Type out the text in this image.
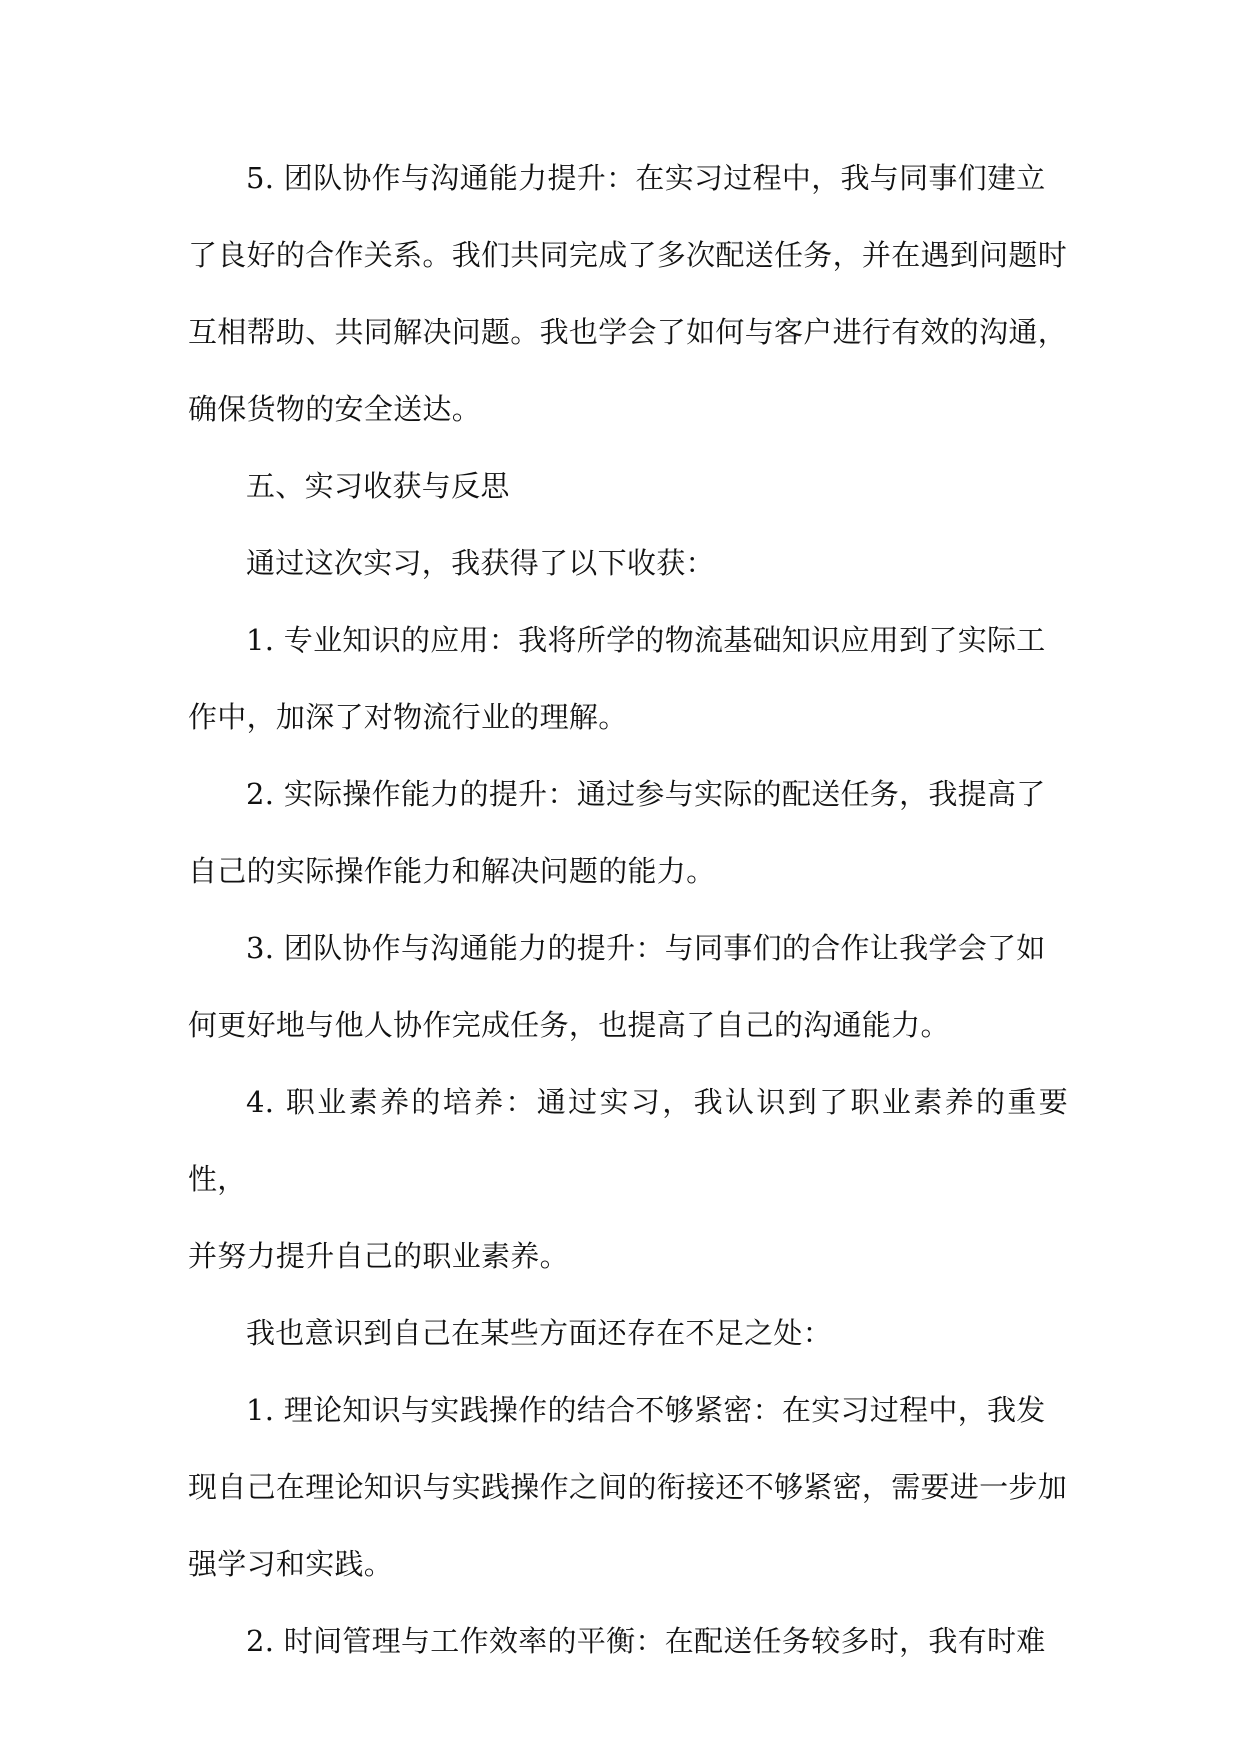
5. 团队协作与沟通能力提升：在实习过程中，我与同事们建立
了良好的合作关系。我们共同完成了多次配送任务，并在遇到问题时
互相帮助、共同解决问题。我也学会了如何与客户进行有效的沟通，
确保货物的安全送达。

五、实习收获与反思

通过这次实习，我获得了以下收获：

1. 专业知识的应用：我将所学的物流基础知识应用到了实际工
作中，加深了对物流行业的理解。

2. 实际操作能力的提升：通过参与实际的配送任务，我提高了
自己的实际操作能力和解决问题的能力。

3. 团队协作与沟通能力的提升：与同事们的合作让我学会了如
何更好地与他人协作完成任务，也提高了自己的沟通能力。

4. 职业素养的培养：通过实习，我认识到了职业素养的重要性，
并努力提升自己的职业素养。

我也意识到自己在某些方面还存在不足之处：

1. 理论知识与实践操作的结合不够紧密：在实习过程中，我发
现自己在理论知识与实践操作之间的衔接还不够紧密，需要进一步加
强学习和实践。

2. 时间管理与工作效率的平衡：在配送任务较多时，我有时难
